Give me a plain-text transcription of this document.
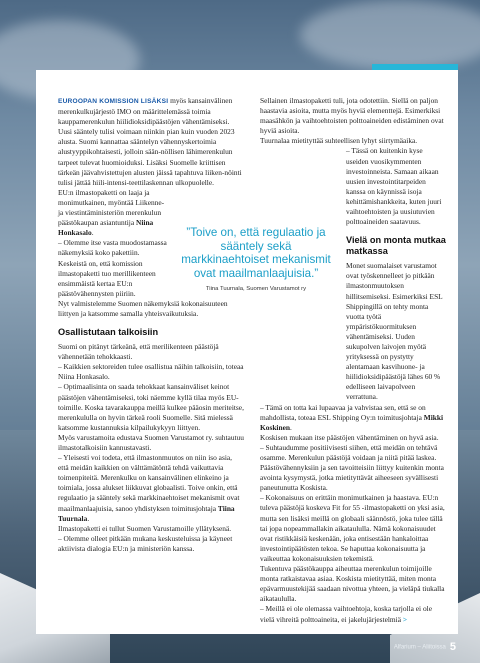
EUROOPAN KOMISSION LISÄKSI myös kansainvälinen merenkulkujärjestö IMO on määrittelemässä toimia kauppamerenkulun hiilidioksidipäästöjen vähentämiseksi. Uusi sääntely tulisi voimaan niinkin pian kuin vuoden 2023 alusta. Suomi kannattaa sääntelyn vähennyskertoimia alustyyppikohtaisesti, jolloin sään-nöllisen lähimerenkulun tarpeet tulevat huomioiduksi. Lisäksi Suomelle kriittisen tärkeän jäävahvistettujen alusten jäissä tapahtuva liiken-nöinti tulisi jättää hiili-intensi-teettilaskennan ulkopuolelle.

EU:n ilmastopaketti on laaja ja monimutkainen, myöntää Liikenne- ja viestintäministeriön merenkulun päästökaupan asiantuntija Niina Honkasalo.

– Olemme itse vasta muodostamassa näkemyksiä koko pakettiin. Keskeistä on, että komission ilmastopaketti tuo merillikenteen ensimmäistä kertaa EU:n päästövähennysten piiriin.

Nyt valmistelemme Suomen näkemyksiä kokonaisuuteen liittyen ja katsomme samalla yhteisvaikutuksia.

Osallistutaan talkoisiin

Suomi on pitänyt tärkeänä, että merilikenteen päästöjä vähennetään tehokkaasti.

– Kaikkien sektoreiden tulee osallistua näihin talkoisiin, toteaa Niina Honkasalo.

– Optimaalisinta on saada tehokkaat kansainväliset keinot päästöjen vähentämiseksi, toki näemme kyllä tilaa myös EU-toimille. Koska tavarakauppa meillä kulkee pääosin meriteitse, merenkululla on hyvin tärkeä rooli Suomelle. Sitä mielessä katsomme kustannuksia kilpailukykyyn liittyen.

Myös varustamoita edustava Suomen Varustamot ry. suhtautuu ilmastotalkoisiin kannustavasti.

– Yleisesti voi todeta, että ilmastonmuutos on niin iso asia, että meidän kaikkien on välttämätöntä tehdä vaikuttavia toimenpiteitä. Merenkulku on kansainvälinen elinkeino ja toimiala, jossa alukset liikkuvat globaalisti. Toive onkin, että regulaatio ja sääntely sekä markkinaehtoiset mekanismit ovat maailmanlaajuisia, sanoo yhdistyksen toimitusjohtaja Tiina Tuurnala.

Ilmastopaketti ei tullut Suomen Varustamoille yllätyksenä.

– Olemme olleet pitkään mukana keskusteluissa ja käyneet aktiivista dialogia EU:n ja ministeriön kanssa.

Sellainen ilmastopaketti tuli, jota odotettiin. Siellä on paljon haastavia asioita, mutta myös hyviä elementtejä. Esimerkiksi maasähkön ja vaihtoehtoisten polttoaineiden edistäminen ovat hyviä asioita.

Tuurnalaa mietityttää suhteellisen lyhyt siirtymäaika.

– Tässä on kuitenkin kyse useiden vuosikymmenten investoinneista. Samaan aikaan uusien investointitarpeiden kanssa on käynnissä isoja kehittämishankkeita, kuten juuri vaihtoehtoisten ja uusiutuvien polttoaineiden saatavuus.

Vielä on monta mutkaa matkassa

Monet suomalaiset varustamot ovat työskennelleet jo pitkään ilmastonmuutoksen hillitsemiseksi. Esimerkiksi ESL Shippingillä on tehty monta vuotta työtä ympäristökuormituksen vähentämiseksi. Uuden sukupolven laivojen myötä yrityksessä on pystytty alentamaan kasvihuone- ja hiilidioksidipäästöjä lähes 60 % edelliseen laivapolveen verrattuna.

– Tämä on tottа kai lupaavaa ja vahvistaa sen, että se on mahdollista, toteaa ESL Shipping Oy:n toimitusjohtaja Mikki Koskinen.

Koskisen mukaan itse päästöjen vähentäminen on hyvä asia.

– Suhtaudumme positiivisesti siihen, että meidän on tehtävä osamme. Merenkulun päästöjä voidaan ja niitä pitää laskea.

Päästövähennyksiin ja sen tavoitteisiin liittyy kuitenkin monta avointa kysymystä, jotka mietityttävät aiheeseen syvällisesti paneutunutta Koskista.

– Kokonaisuus on erittäin monimutkainen ja haastava. EU:n tuleva päästöjä koskeva Fit for 55 -ilmastopaketti on yksi asia, mutta sen lisäksi meillä on globaali säännöstö, joka tulee tällä tai jopa nopeammallakin aikataululla. Nämä kokonaisuudet ovat ristikkäisiä keskenään, joka entisestään hankaloittaa investointipäätösten tekoa. Se haputtaa kokonaisuutta ja vaikeuttaa kokonaisuuksien tekemistä.

Tukentuva päästökauppa aiheuttaa merenkulun toimijoille monta ratkaistavaa asiaa. Koskista mietityttää, miten monta epävarmuustekijää saadaan nivottua yhteen, ja vieläpä tiukalla aikataululla.

– Meillä ei ole olemassa vaihtoehtoja, koska tarjolla ei ole vielä vihreitä polttoaineita, ei jakelujärjestelmiä >

”Toive on, että regulaatio ja sääntely sekä markkinaehtoiset mekanismit ovat maailmanlaajuisia.”
Tiina Tuurnala, Suomen Varustamot ry
Alfarium – Aliitoissa 5
